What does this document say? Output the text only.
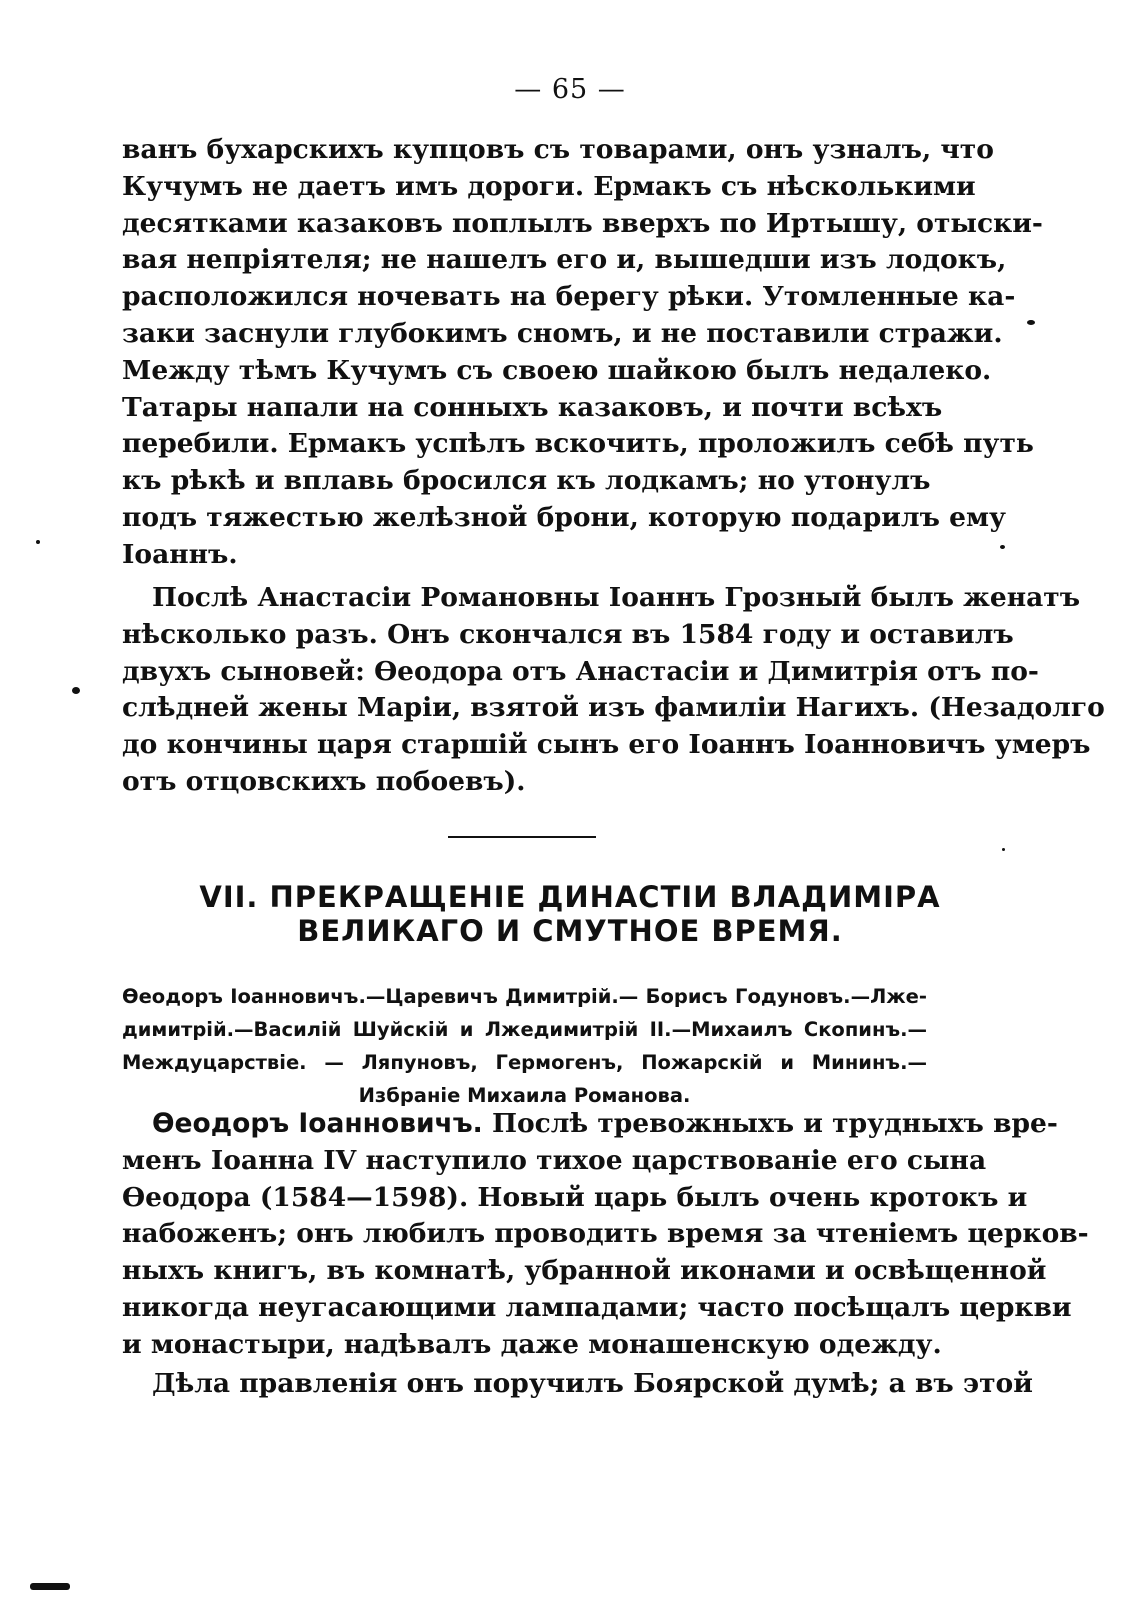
— 65 —
ванъ бухарскихъ купцовъ съ товарами, онъ узналъ, что
Кучумъ не даетъ имъ дороги. Ермакъ съ нѣсколькими
десятками казаковъ поплылъ вверхъ по Иртышу, отыски-
вая непріятеля; не нашелъ его и, вышедши изъ лодокъ,
расположился ночевать на берегу рѣки. Утомленные ка-
заки заснули глубокимъ сномъ, и не поставили стражи.
Между тѣмъ Кучумъ съ своею шайкою былъ недалеко.
Татары напали на сонныхъ казаковъ, и почти всѣхъ
перебили. Ермакъ успѣлъ вскочить, проложилъ себѣ путь
къ рѣкѣ и вплавь бросился къ лодкамъ; но утонулъ
подъ тяжестью желѣзной брони, которую подарилъ ему
Іоаннъ.
Послѣ Анастасіи Романовны Іоаннъ Грозный былъ женатъ
нѣсколько разъ. Онъ скончался въ 1584 году и оставилъ
двухъ сыновей: Өеодора отъ Анастасіи и Димитрія отъ по-
слѣдней жены Маріи, взятой изъ фамиліи Нагихъ. (Незадолго
до кончины царя старшій сынъ его Іоаннъ Іоанновичъ умеръ
отъ отцовскихъ побоевъ).
VII. ПРЕКРАЩЕНІЕ ДИНАСТІИ ВЛАДИМІРА
ВЕЛИКАГО И СМУТНОЕ ВРЕМЯ.
Өеодоръ Іоанновичъ.—Царевичъ Димитрій.— Борисъ Годуновъ.—Лже-
димитрій.—Василій Шуйскій и Лжедимитрій II.—Михаилъ Скопинъ.—
Междуцарствіе. — Ляпуновъ, Гермогенъ, Пожарскій и Мининъ.—
Избраніе Михаила Романова.
Өеодоръ Іоанновичъ. Послѣ тревожныхъ и трудныхъ вре-
менъ Іоанна IV наступило тихое царствованіе его сына
Өеодора (1584—1598). Новый царь былъ очень кротокъ и
набоженъ; онъ любилъ проводить время за чтеніемъ церков-
ныхъ книгъ, въ комнатѣ, убранной иконами и освѣщенной
никогда неугасающими лампадами; часто посѣщалъ церкви
и монастыри, надѣвалъ даже монашенскую одежду.
Дѣла правленія онъ поручилъ Боярской думѣ; а въ этой
